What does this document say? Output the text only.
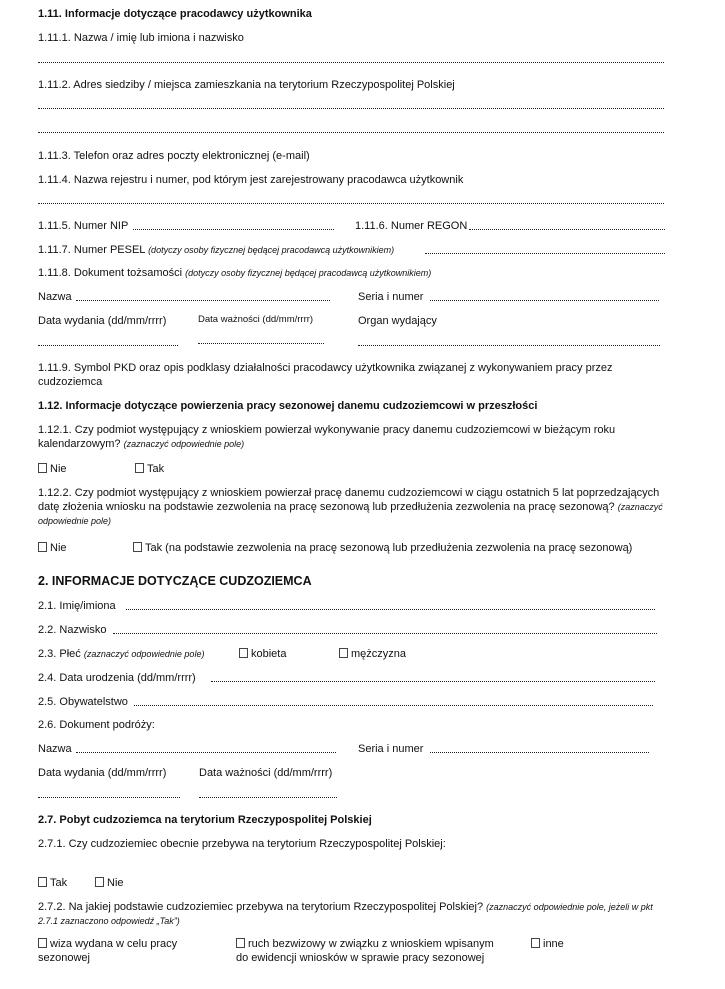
1.11. Informacje dotyczące pracodawcy użytkownika
1.11.1. Nazwa / imię lub imiona i nazwisko
1.11.2. Adres siedziby / miejsca zamieszkania na terytorium Rzeczypospolitej Polskiej
1.11.3. Telefon oraz adres poczty elektronicznej (e-mail)
1.11.4. Nazwa rejestru i numer, pod którym jest zarejestrowany pracodawca użytkownik
1.11.5. Numer NIP	1.11.6. Numer REGON
1.11.7. Numer PESEL (dotyczy osoby fizycznej będącej pracodawcą użytkownikiem)
1.11.8. Dokument tożsamości (dotyczy osoby fizycznej będącej pracodawcą użytkownikiem)
Nazwa	Seria i numer
Data wydania (dd/mm/rrrr)	Data ważności (dd/mm/rrrr)	Organ wydający
1.11.9. Symbol PKD oraz opis podklasy działalności pracodawcy użytkownika związanej z wykonywaniem pracy przez cudzoziemca
1.12. Informacje dotyczące powierzenia pracy sezonowej danemu cudzoziemcowi w przeszłości
1.12.1. Czy podmiot występujący z wnioskiem powierzał wykonywanie pracy danemu cudzoziemcowi w bieżącym roku kalendarzowym? (zaznaczyć odpowiednie pole)
Nie	Tak
1.12.2. Czy podmiot występujący z wnioskiem powierzał pracę danemu cudzoziemcowi w ciągu ostatnich 5 lat poprzedzających datę złożenia wniosku na podstawie zezwolenia na pracę sezonową lub przedłużenia zezwolenia na pracę sezonową? (zaznaczyć odpowiednie pole)
Nie	Tak (na podstawie zezwolenia na pracę sezonową lub przedłużenia zezwolenia na pracę sezonową)
2. INFORMACJE DOTYCZĄCE CUDZOZIEMCA
2.1. Imię/imiona
2.2. Nazwisko
2.3. Płeć (zaznaczyć odpowiednie pole)	kobieta	mężczyzna
2.4. Data urodzenia (dd/mm/rrrr)
2.5. Obywatelstwo
2.6. Dokument podróży:
Nazwa	Seria i numer
Data wydania (dd/mm/rrrr)	Data ważności (dd/mm/rrrr)
2.7. Pobyt cudzoziemca na terytorium Rzeczypospolitej Polskiej
2.7.1. Czy cudzoziemiec obecnie przebywa na terytorium Rzeczypospolitej Polskiej:
Tak	Nie
2.7.2. Na jakiej podstawie cudzoziemiec przebywa na terytorium Rzeczypospolitej Polskiej? (zaznaczyć odpowiednie pole, jeżeli w pkt 2.7.1 zaznaczono odpowiedź „Tak”)
wiza wydana w celu pracy sezonowej
ruch bezwizowy w związku z wnioskiem wpisanym do ewidencji wniosków w sprawie pracy sezonowej
inne
